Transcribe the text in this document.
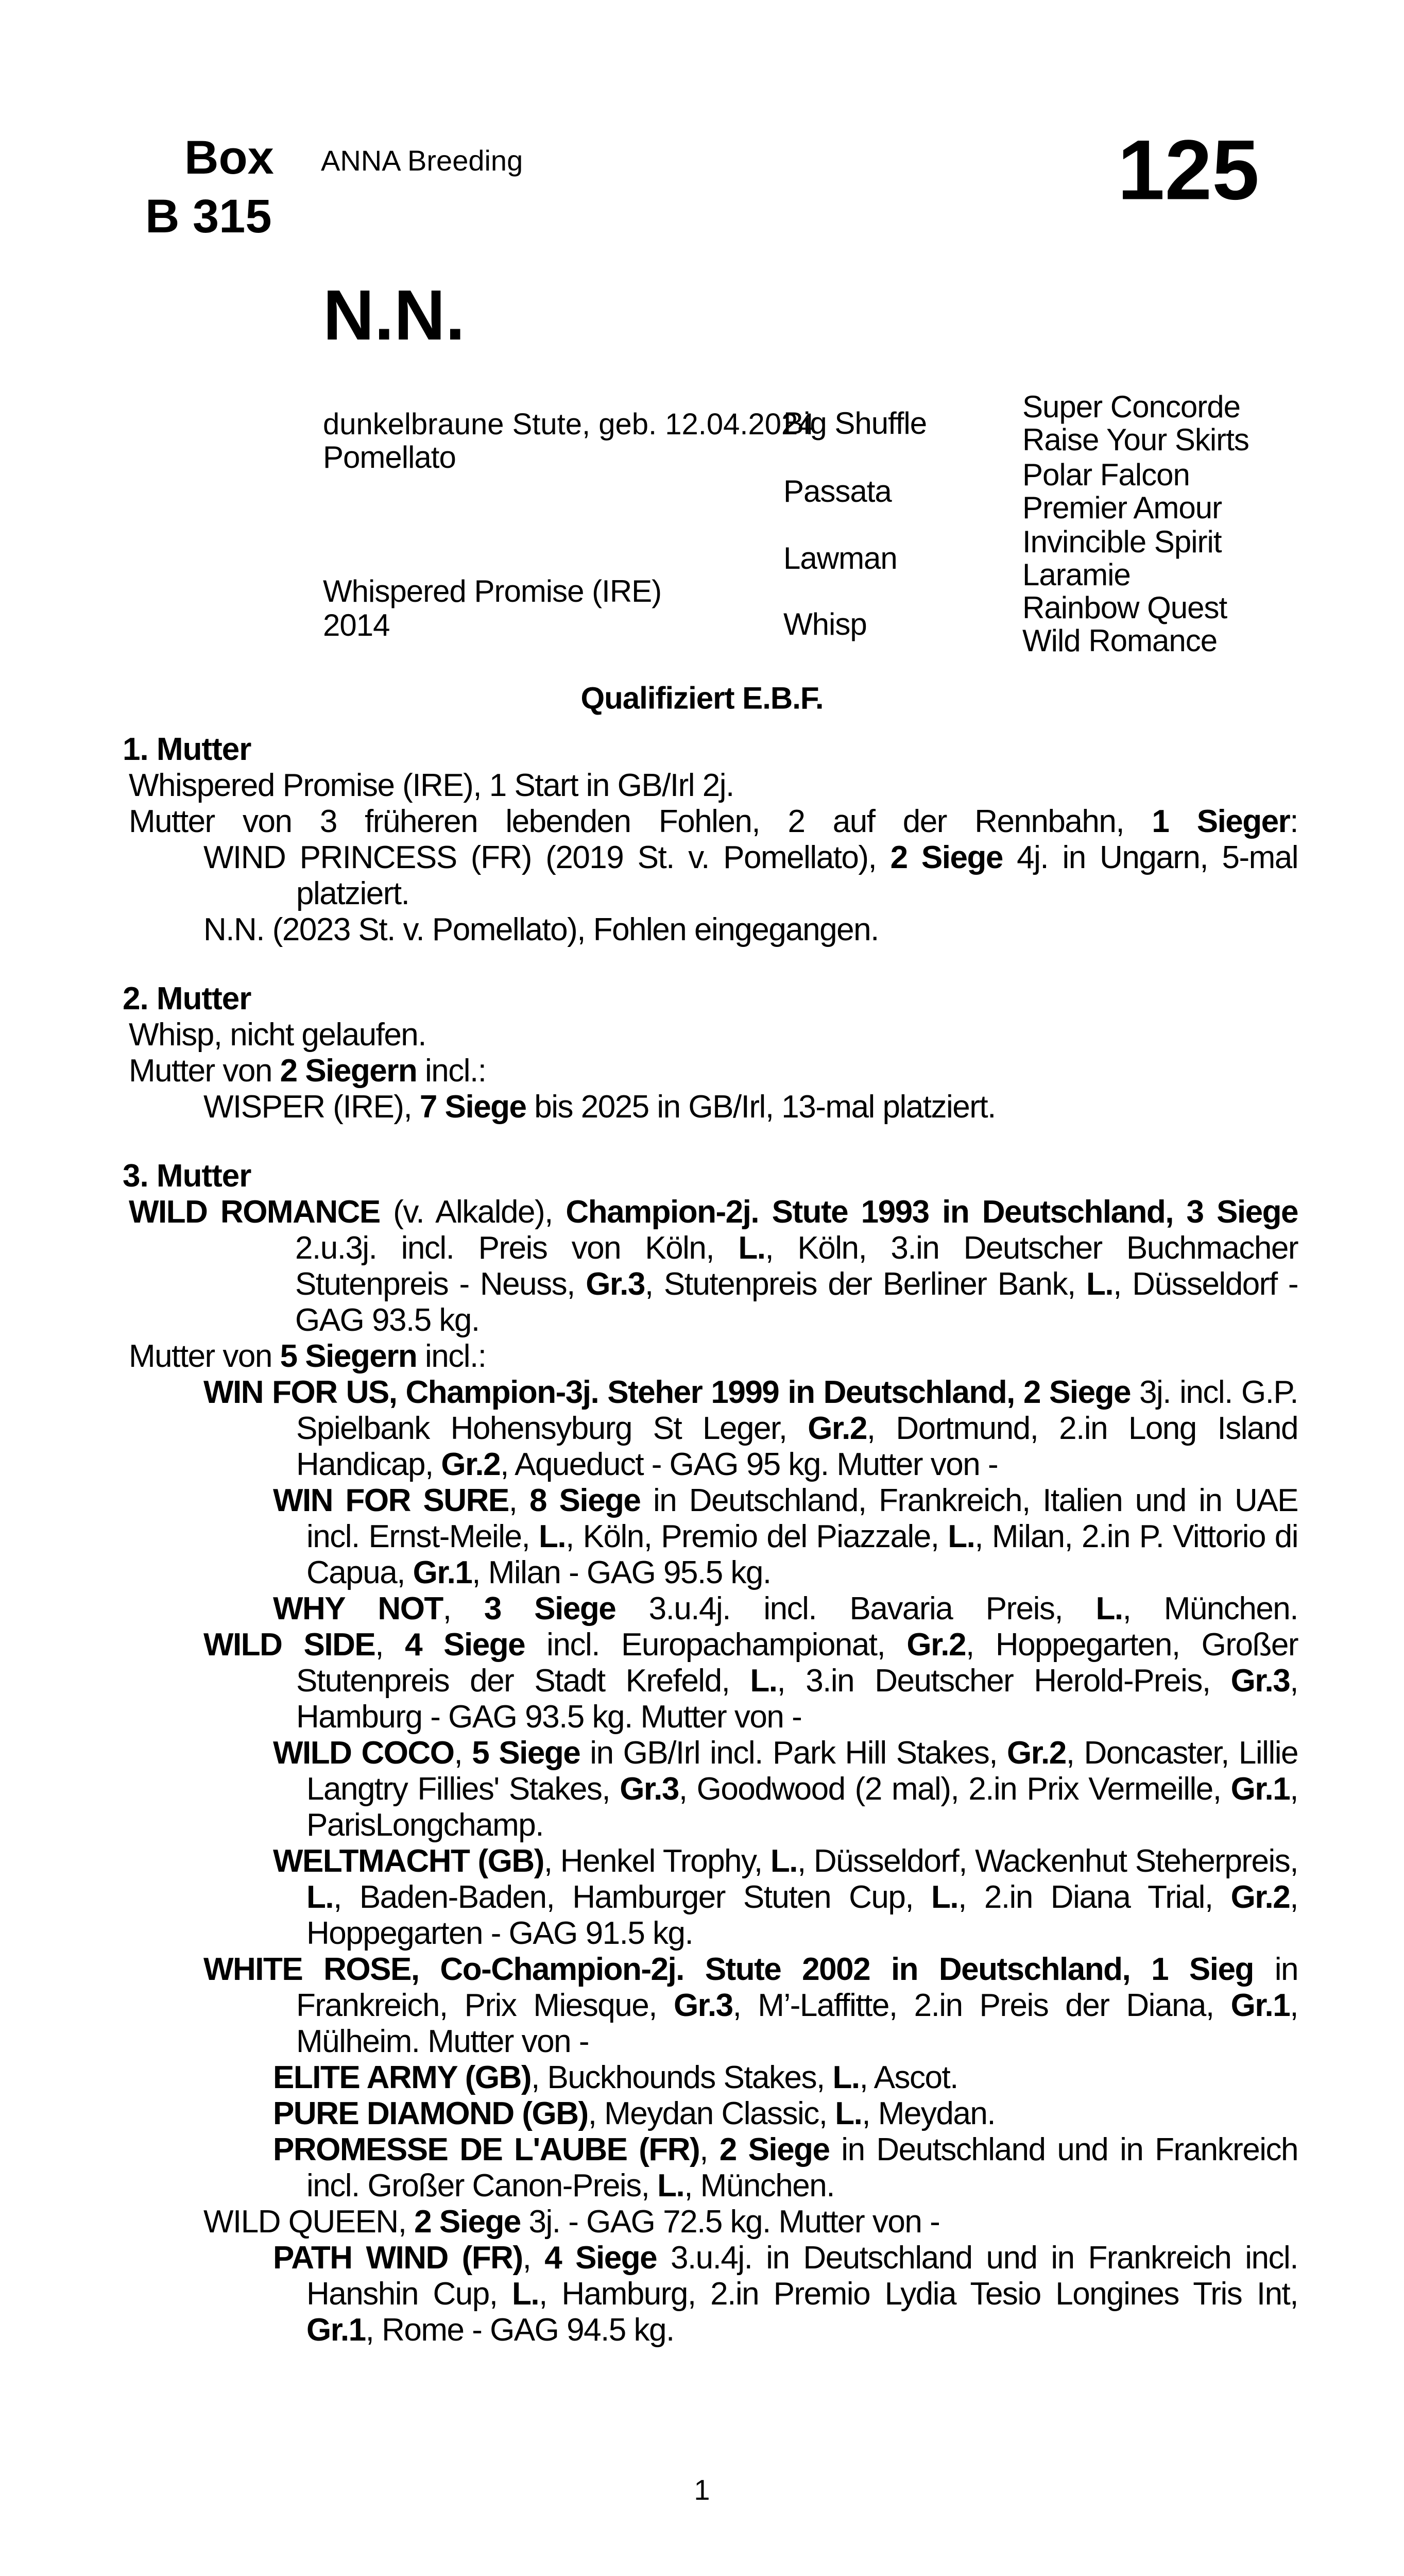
Box
B 315
ANNA Breeding	125
N.N.
dunkelbraune Stute, geb. 12.04.2024
Pomellato
Whispered Promise (IRE)
2014
Big Shuffle
Passata
Lawman
Whisp
Super Concorde
Raise Your Skirts
Polar Falcon
Premier Amour
Invincible Spirit
Laramie
Rainbow Quest
Wild Romance
Qualifiziert E.B.F.
1. Mutter

Whispered Promise (IRE), 1 Start in GB/Irl 2j.

Mutter von 3 früheren lebenden Fohlen, 2 auf der Rennbahn, 1 Sieger:

WIND PRINCESS (FR) (2019 St. v. Pomellato), 2 Siege 4j. in Ungarn, 5-mal platziert.

N.N. (2023 St. v. Pomellato), Fohlen eingegangen.

2. Mutter

Whisp, nicht gelaufen.

Mutter von 2 Siegern incl.:

WISPER (IRE), 7 Siege bis 2025 in GB/Irl, 13-mal platziert.

3. Mutter

WILD ROMANCE (v. Alkalde), Champion-2j. Stute 1993 in Deutschland, 3 Siege 2.u.3j. incl. Preis von Köln, L., Köln, 3.in Deutscher Buchmacher Stutenpreis - Neuss, Gr.3, Stutenpreis der Berliner Bank, L., Düsseldorf - GAG 93.5 kg.

Mutter von 5 Siegern incl.:

WIN FOR US, Champion-3j. Steher 1999 in Deutschland, 2 Siege 3j. incl. G.P. Spielbank Hohensyburg St Leger, Gr.2, Dortmund, 2.in Long Island Handicap, Gr.2, Aqueduct - GAG 95 kg. Mutter von -

WIN FOR SURE, 8 Siege in Deutschland, Frankreich, Italien und in UAE incl. Ernst-Meile, L., Köln, Premio del Piazzale, L., Milan, 2.in P. Vittorio di Capua, Gr.1, Milan - GAG 95.5 kg.

WHY NOT, 3 Siege 3.u.4j. incl. Bavaria Preis, L., München.

WILD SIDE, 4 Siege incl. Europachampionat, Gr.2, Hoppegarten, Großer Stutenpreis der Stadt Krefeld, L., 3.in Deutscher Herold-Preis, Gr.3, Hamburg - GAG 93.5 kg. Mutter von -

WILD COCO, 5 Siege in GB/Irl incl. Park Hill Stakes, Gr.2, Doncaster, Lillie Langtry Fillies' Stakes, Gr.3, Goodwood (2 mal), 2.in Prix Vermeille, Gr.1, ParisLongchamp.

WELTMACHT (GB), Henkel Trophy, L., Düsseldorf, Wackenhut Steherpreis, L., Baden-Baden, Hamburger Stuten Cup, L., 2.in Diana Trial, Gr.2, Hoppegarten - GAG 91.5 kg.

WHITE ROSE, Co-Champion-2j. Stute 2002 in Deutschland, 1 Sieg in Frankreich, Prix Miesque, Gr.3, M’-Laffitte, 2.in Preis der Diana, Gr.1, Mülheim. Mutter von -

ELITE ARMY (GB), Buckhounds Stakes, L., Ascot.

PURE DIAMOND (GB), Meydan Classic, L., Meydan.

PROMESSE DE L'AUBE (FR), 2 Siege in Deutschland und in Frankreich incl. Großer Canon-Preis, L., München.

WILD QUEEN, 2 Siege 3j. - GAG 72.5 kg. Mutter von -

PATH WIND (FR), 4 Siege 3.u.4j. in Deutschland und in Frankreich incl. Hanshin Cup, L., Hamburg, 2.in Premio Lydia Tesio Longines Tris Int, Gr.1, Rome - GAG 94.5 kg.

1
